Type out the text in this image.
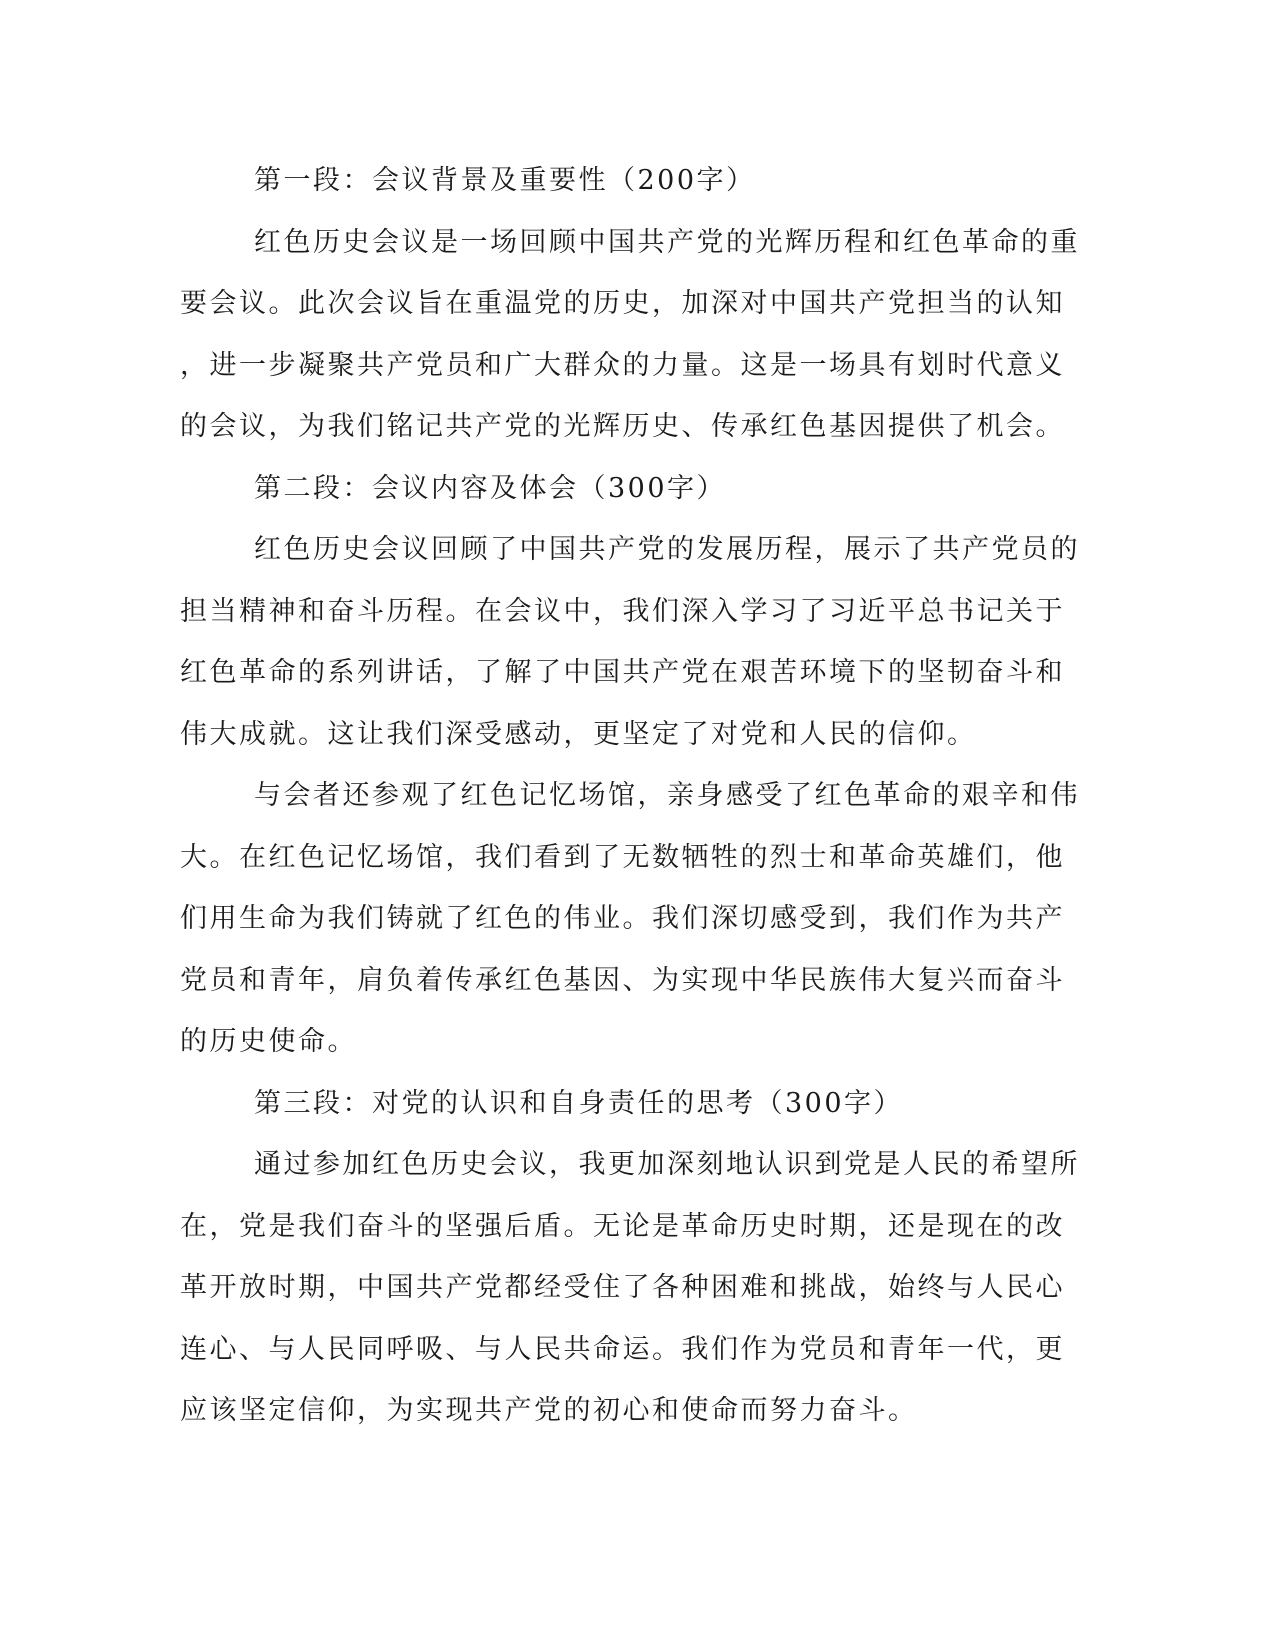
第一段：会议背景及重要性（200字）
红色历史会议是一场回顾中国共产党的光辉历程和红色革命的重
要会议。此次会议旨在重温党的历史，加深对中国共产党担当的认知
，进一步凝聚共产党员和广大群众的力量。这是一场具有划时代意义
的会议，为我们铭记共产党的光辉历史、传承红色基因提供了机会。
第二段：会议内容及体会（300字）
红色历史会议回顾了中国共产党的发展历程，展示了共产党员的
担当精神和奋斗历程。在会议中，我们深入学习了习近平总书记关于
红色革命的系列讲话，了解了中国共产党在艰苦环境下的坚韧奋斗和
伟大成就。这让我们深受感动，更坚定了对党和人民的信仰。
与会者还参观了红色记忆场馆，亲身感受了红色革命的艰辛和伟
大。在红色记忆场馆，我们看到了无数牺牲的烈士和革命英雄们，他
们用生命为我们铸就了红色的伟业。我们深切感受到，我们作为共产
党员和青年，肩负着传承红色基因、为实现中华民族伟大复兴而奋斗
的历史使命。
第三段：对党的认识和自身责任的思考（300字）
通过参加红色历史会议，我更加深刻地认识到党是人民的希望所
在，党是我们奋斗的坚强后盾。无论是革命历史时期，还是现在的改
革开放时期，中国共产党都经受住了各种困难和挑战，始终与人民心
连心、与人民同呼吸、与人民共命运。我们作为党员和青年一代，更
应该坚定信仰，为实现共产党的初心和使命而努力奋斗。
